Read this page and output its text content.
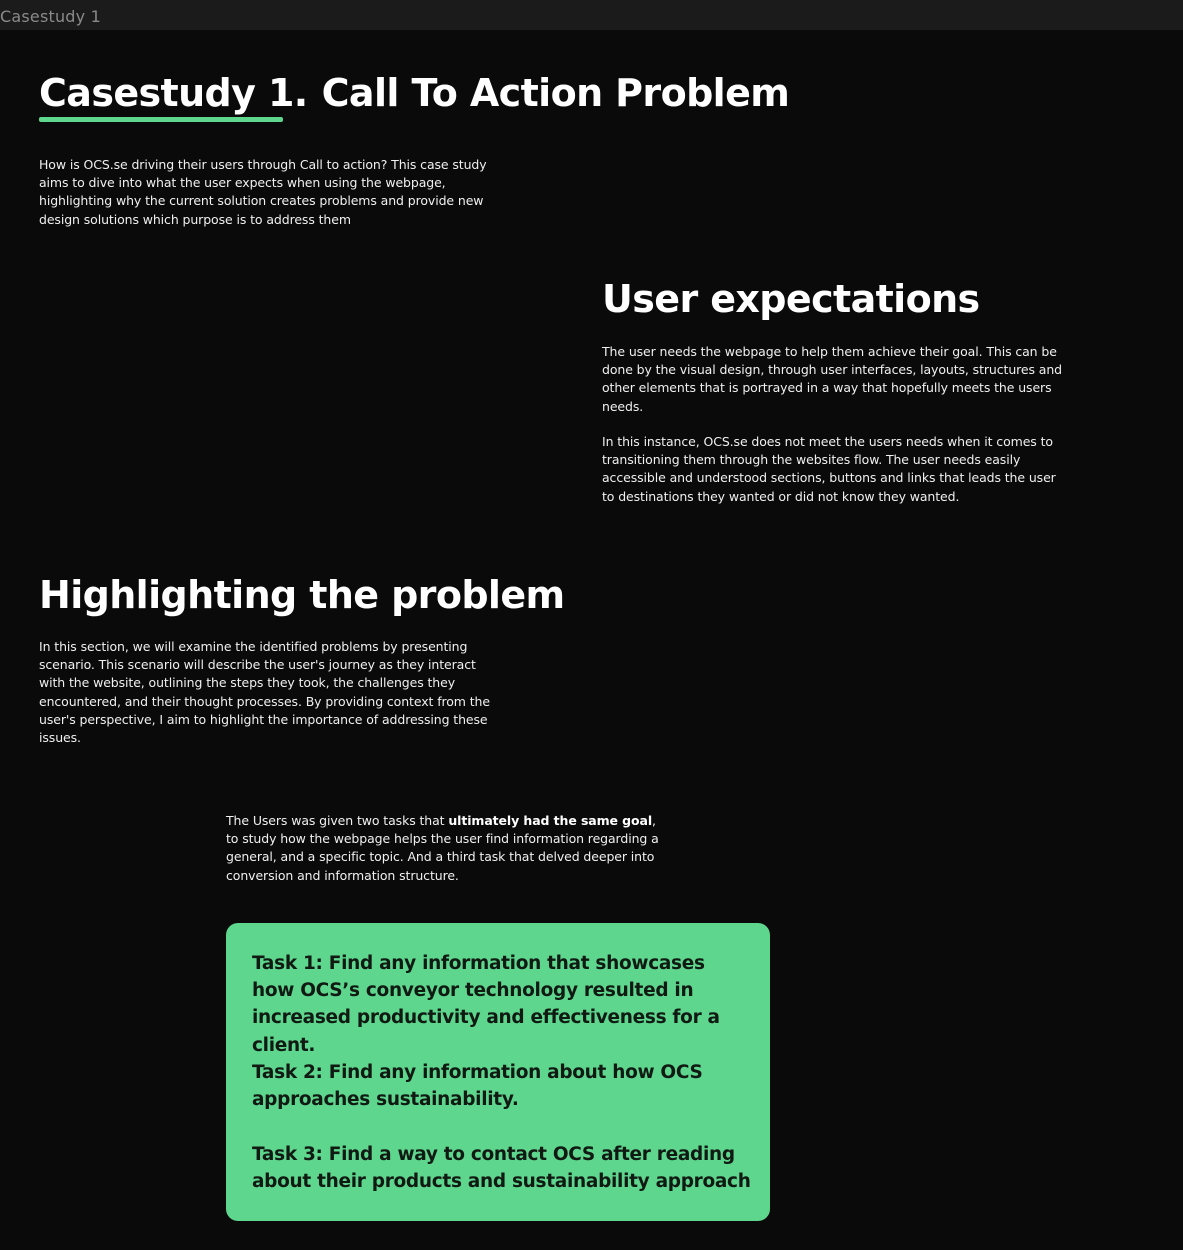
Casestudy 1
Casestudy 1. Call To Action Problem
How is OCS.se driving their users through Call to action? This case study aims to dive into what the user expects when using the webpage, highlighting why the current solution creates problems and provide new design solutions which purpose is to address them
User expectations
The user needs the webpage to help them achieve their goal. This can be done by the visual design, through user interfaces, layouts, structures and other elements that is portrayed in a way that hopefully meets the users needs.
In this instance, OCS.se does not meet the users needs when it comes to transitioning them through the websites flow. The user needs easily accessible and understood sections, buttons and links that leads the user to destinations they wanted or did not know they wanted.
Highlighting the problem
In this section, we will examine the identified problems by presenting scenario. This scenario will describe the user's journey as they interact with the website, outlining the steps they took, the challenges they encountered, and their thought processes. By providing context from the user's perspective, I aim to highlight the importance of addressing these issues.
The Users was given two tasks that ultimately had the same goal, to study how the webpage helps the user find information regarding a general, and a specific topic. And a third task that delved deeper into conversion and information structure.
Task 1: Find any information that showcases how OCS’s conveyor technology resulted in increased productivity and effectiveness for a client.
Task 2: Find any information about how OCS approaches sustainability.
Task 3: Find a way to contact OCS after reading about their products and sustainability approach
